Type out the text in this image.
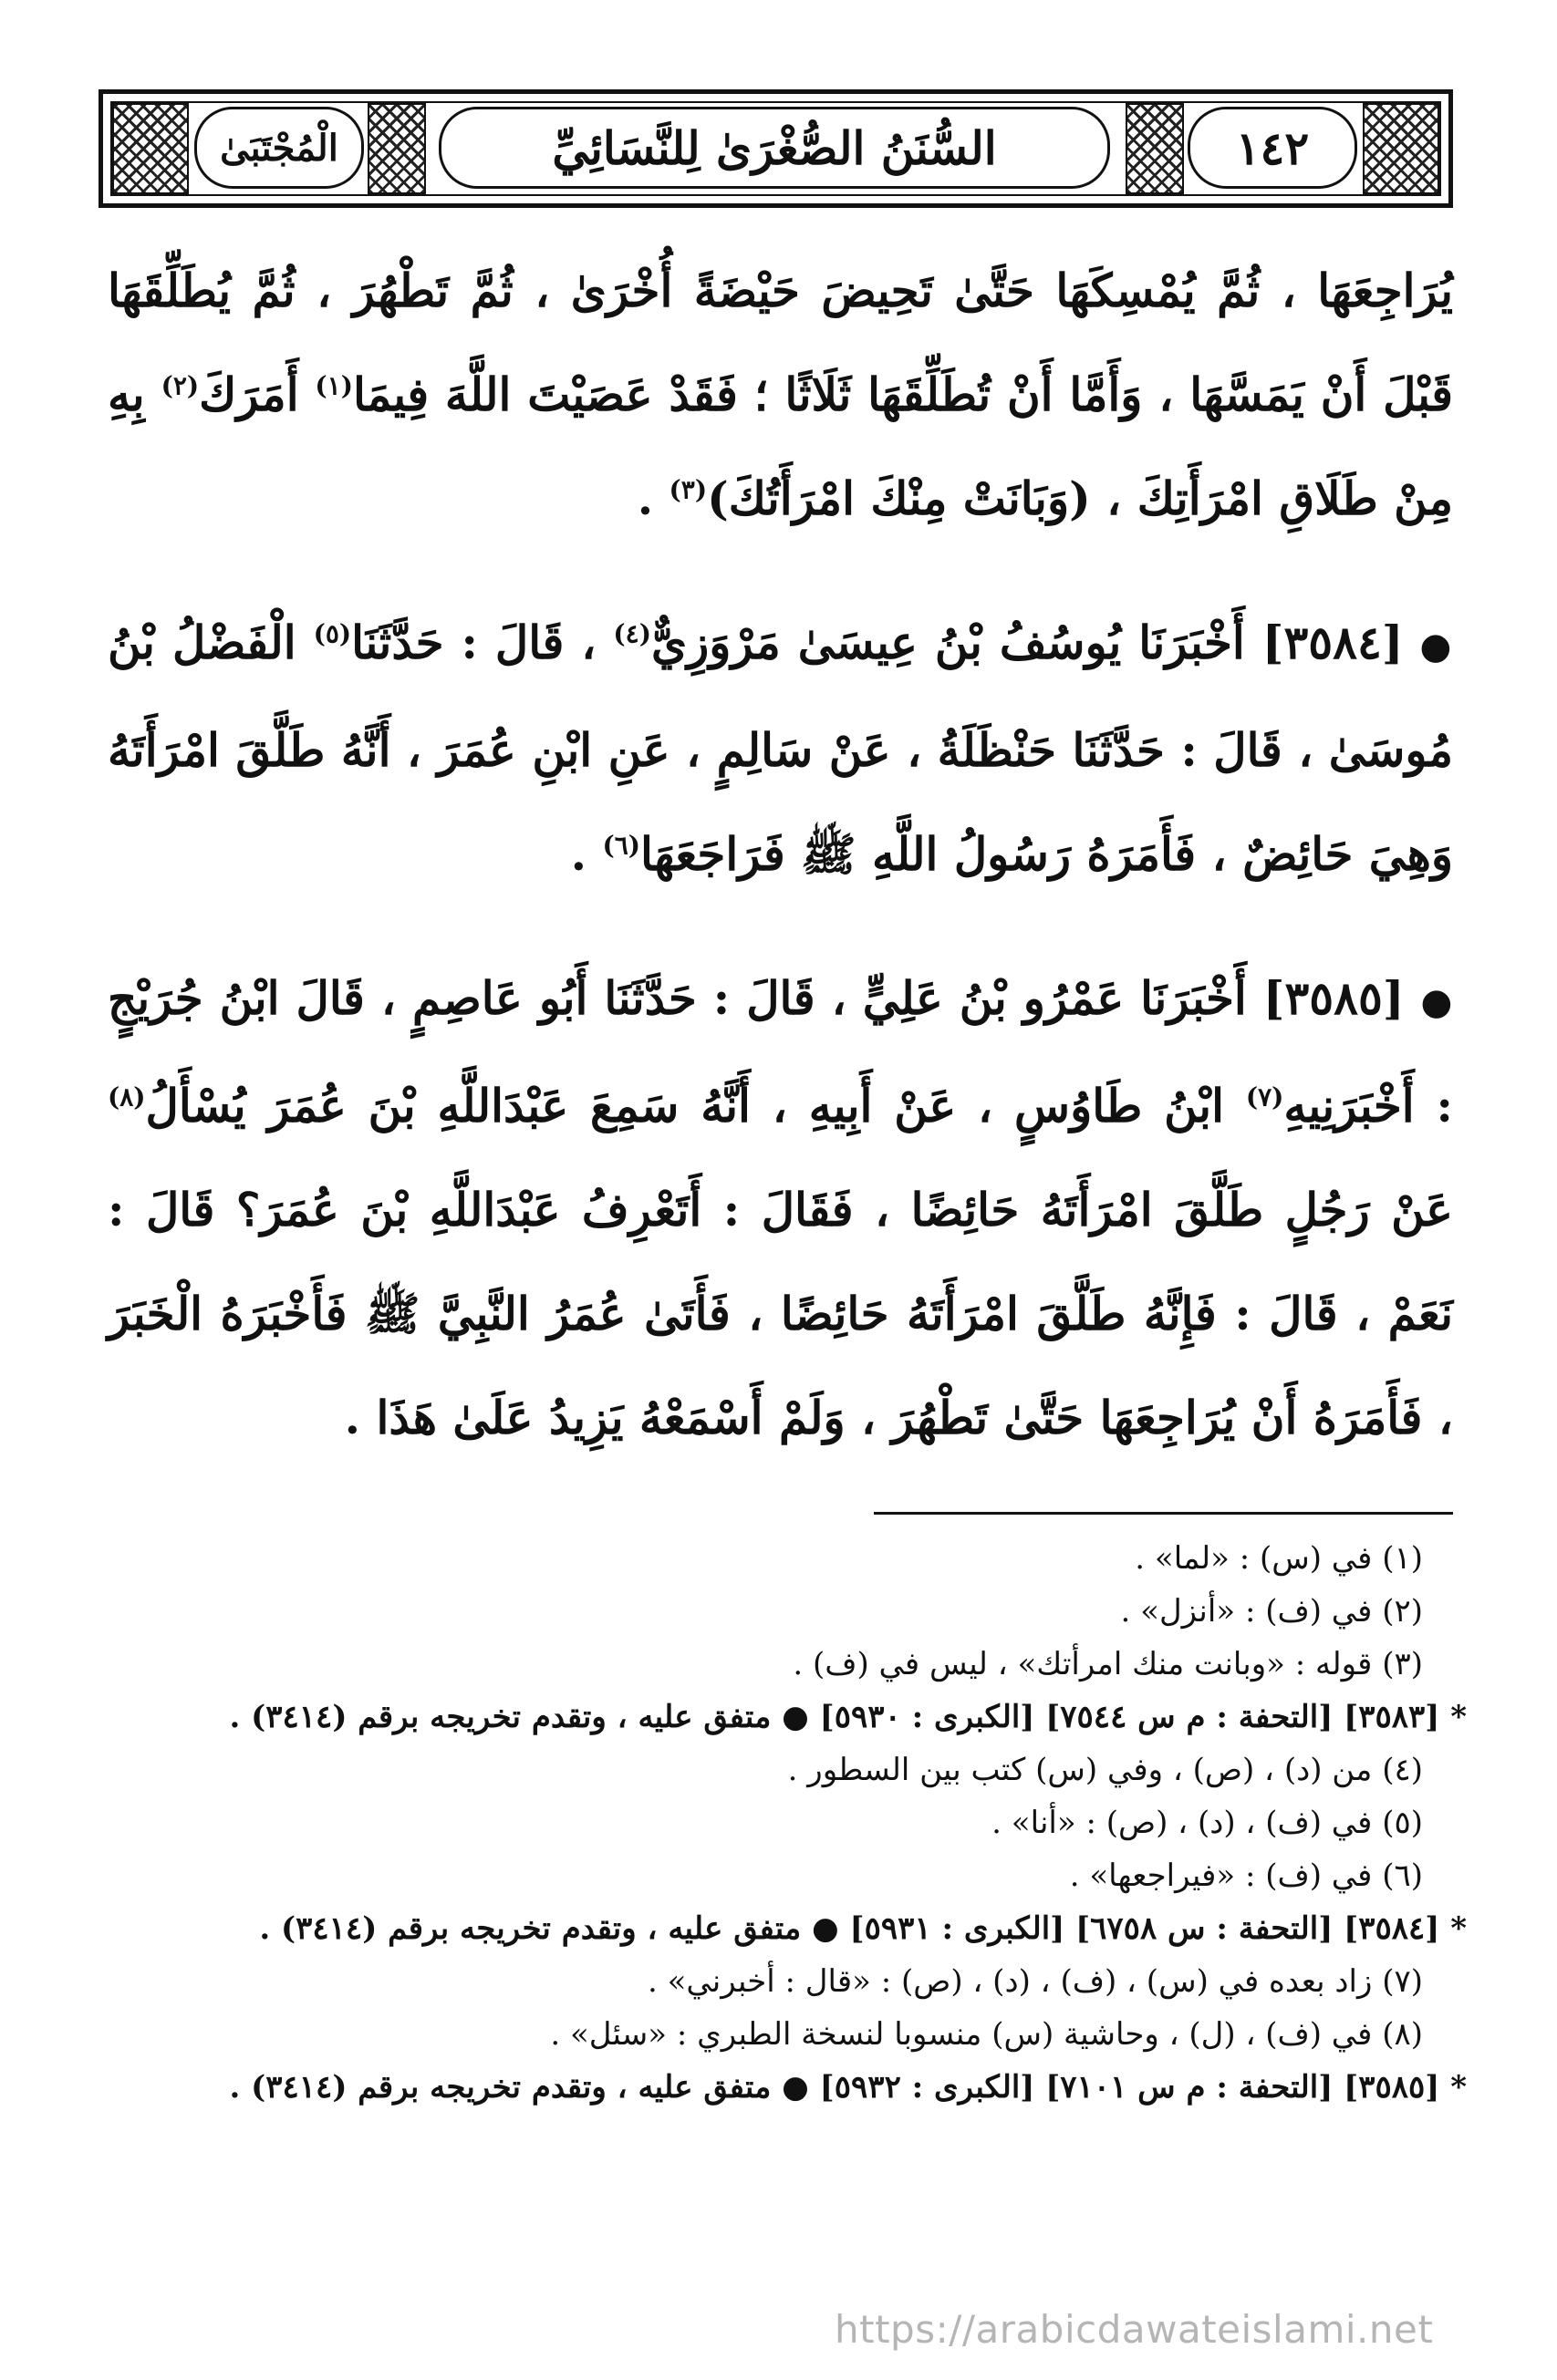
الْمُجْتَبَىٰ	السُّنَنُ الصُّغْرَىٰ لِلنَّسَائِيِّ	١٤٢

يُرَاجِعَهَا ، ثُمَّ يُمْسِكَهَا حَتَّىٰ تَحِيضَ حَيْضَةً أُخْرَىٰ ، ثُمَّ تَطْهُرَ ، ثُمَّ يُطَلِّقَهَا قَبْلَ أَنْ يَمَسَّهَا ، وَأَمَّا أَنْ تُطَلِّقَهَا ثَلَاثًا ؛ فَقَدْ عَصَيْتَ اللَّهَ فِيمَا$^{(١)}$ أَمَرَكَ$^{(٢)}$ بِهِ مِنْ طَلَاقِ امْرَأَتِكَ ، (وَبَانَتْ مِنْكَ امْرَأَتُكَ)$^{(٣)}$ .

●[٣٥٨٤] أَخْبَرَنَا يُوسُفُ بْنُ عِيسَىٰ مَرْوَزِيٌّ$^{(٤)}$ ، قَالَ : حَدَّثَنَا$^{(٥)}$ الْفَضْلُ بْنُ مُوسَىٰ ، قَالَ : حَدَّثَنَا حَنْظَلَةُ ، عَنْ سَالِمٍ ، عَنِ ابْنِ عُمَرَ ، أَنَّهُ طَلَّقَ امْرَأَتَهُ وَهِيَ حَائِضٌ ، فَأَمَرَهُ رَسُولُ اللَّهِ ﷺ فَرَاجَعَهَا$^{(٦)}$ .

●[٣٥٨٥] أَخْبَرَنَا عَمْرُو بْنُ عَلِيٍّ ، قَالَ : حَدَّثَنَا أَبُو عَاصِمٍ ، قَالَ ابْنُ جُرَيْجٍ : أَخْبَرَنِيهِ$^{(٧)}$ ابْنُ طَاوُسٍ ، عَنْ أَبِيهِ ، أَنَّهُ سَمِعَ عَبْدَاللَّهِ بْنَ عُمَرَ يُسْأَلُ$^{(٨)}$ عَنْ رَجُلٍ طَلَّقَ امْرَأَتَهُ حَائِضًا ، فَقَالَ : أَتَعْرِفُ عَبْدَاللَّهِ بْنَ عُمَرَ؟ قَالَ : نَعَمْ ، قَالَ : فَإِنَّهُ طَلَّقَ امْرَأَتَهُ حَائِضًا ، فَأَتَىٰ عُمَرُ النَّبِيَّ ﷺ فَأَخْبَرَهُ الْخَبَرَ ، فَأَمَرَهُ أَنْ يُرَاجِعَهَا حَتَّىٰ تَطْهُرَ ، وَلَمْ أَسْمَعْهُ يَزِيدُ عَلَىٰ هَذَا .

(١) في (س) : «لما» .
(٢) في (ف) : «أنزل» .
(٣) قوله : «وبانت منك امرأتك» ، ليس في (ف) .
* [٣٥٨٣] [التحفة : م س ٧٥٤٤] [الكبرى : ٥٩٣٠] ● متفق عليه ، وتقدم تخريجه برقم (٣٤١٤) .
(٤) من (د) ، (ص) ، وفي (س) كتب بين السطور .
(٥) في (ف) ، (د) ، (ص) : «أنا» .
(٦) في (ف) : «فيراجعها» .
* [٣٥٨٤] [التحفة : س ٦٧٥٨] [الكبرى : ٥٩٣١] ● متفق عليه ، وتقدم تخريجه برقم (٣٤١٤) .
(٧) زاد بعده في (س) ، (ف) ، (د) ، (ص) : «قال : أخبرني» .
(٨) في (ف) ، (ل) ، وحاشية (س) منسوبا لنسخة الطبري : «سئل» .
* [٣٥٨٥] [التحفة : م س ٧١٠١] [الكبرى : ٥٩٣٢] ● متفق عليه ، وتقدم تخريجه برقم (٣٤١٤) .
https://arabicdawateislami.net
